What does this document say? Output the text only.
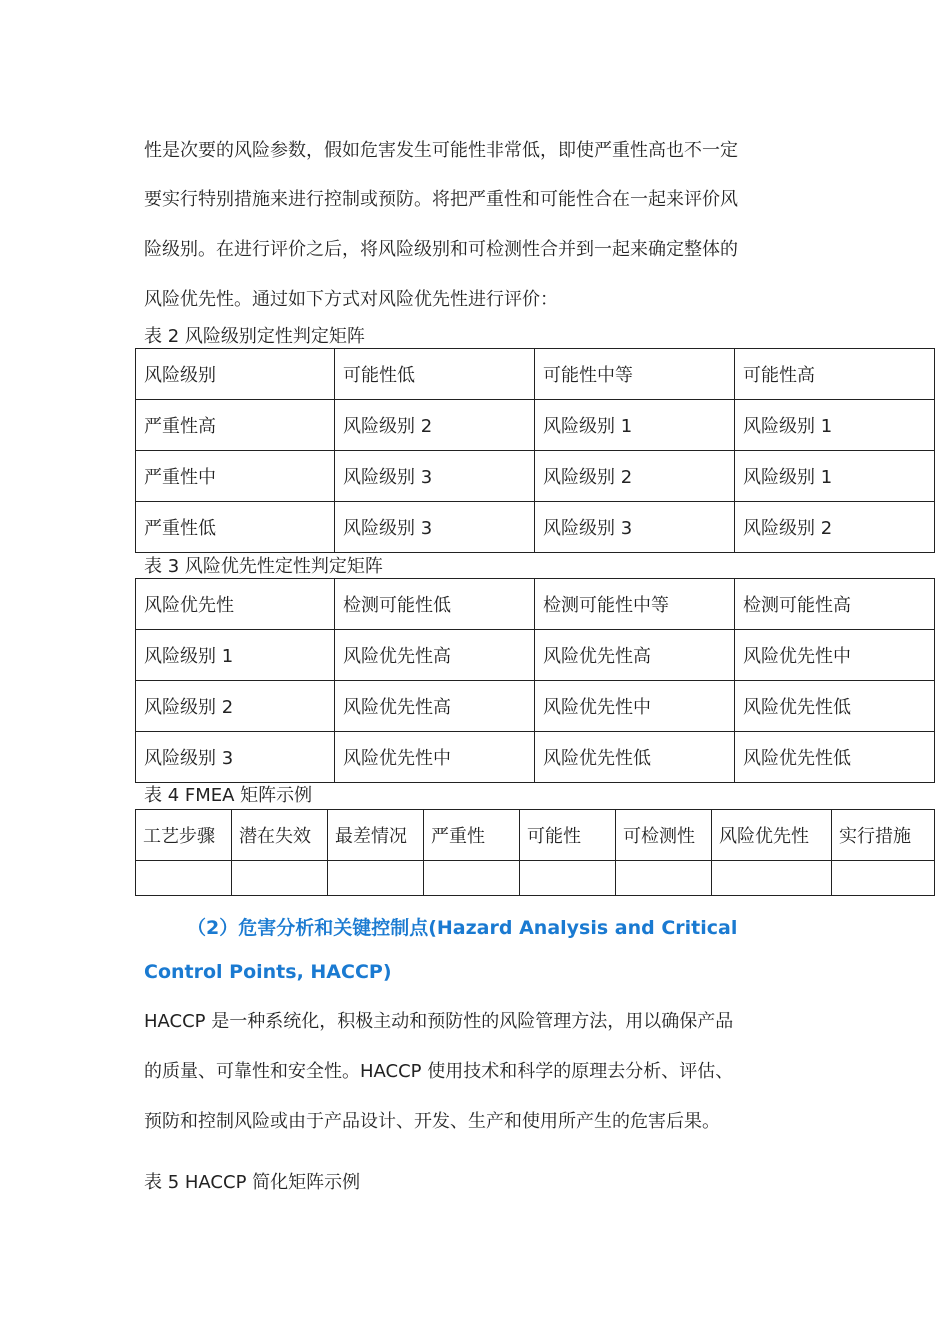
性是次要的风险参数，假如危害发生可能性非常低，即使严重性高也不一定

要实行特别措施来进行控制或预防。将把严重性和可能性合在一起来评价风

险级别。在进行评价之后，将风险级别和可检测性合并到一起来确定整体的

风险优先性。通过如下方式对风险优先性进行评价：

表 2 风险级别定性判定矩阵

风险级别	可能性低	可能性中等	可能性高
严重性高	风险级别 2	风险级别 1	风险级别 1
严重性中	风险级别 3	风险级别 2	风险级别 1
严重性低	风险级别 3	风险级别 3	风险级别 2

表 3 风险优先性定性判定矩阵

风险优先性	检测可能性低	检测可能性中等	检测可能性高
风险级别 1	风险优先性高	风险优先性高	风险优先性中
风险级别 2	风险优先性高	风险优先性中	风险优先性低
风险级别 3	风险优先性中	风险优先性低	风险优先性低

表 4 FMEA 矩阵示例

工艺步骤	潜在失效	最差情况	严重性	可能性	可检测性	风险优先性	实行措施

（2）危害分析和关键控制点(Hazard Analysis and Critical
Control Points, HACCP)

HACCP 是一种系统化，积极主动和预防性的风险管理方法，用以确保产品

的质量、可靠性和安全性。HACCP 使用技术和科学的原理去分析、评估、

预防和控制风险或由于产品设计、开发、生产和使用所产生的危害后果。

表 5 HACCP 简化矩阵示例
